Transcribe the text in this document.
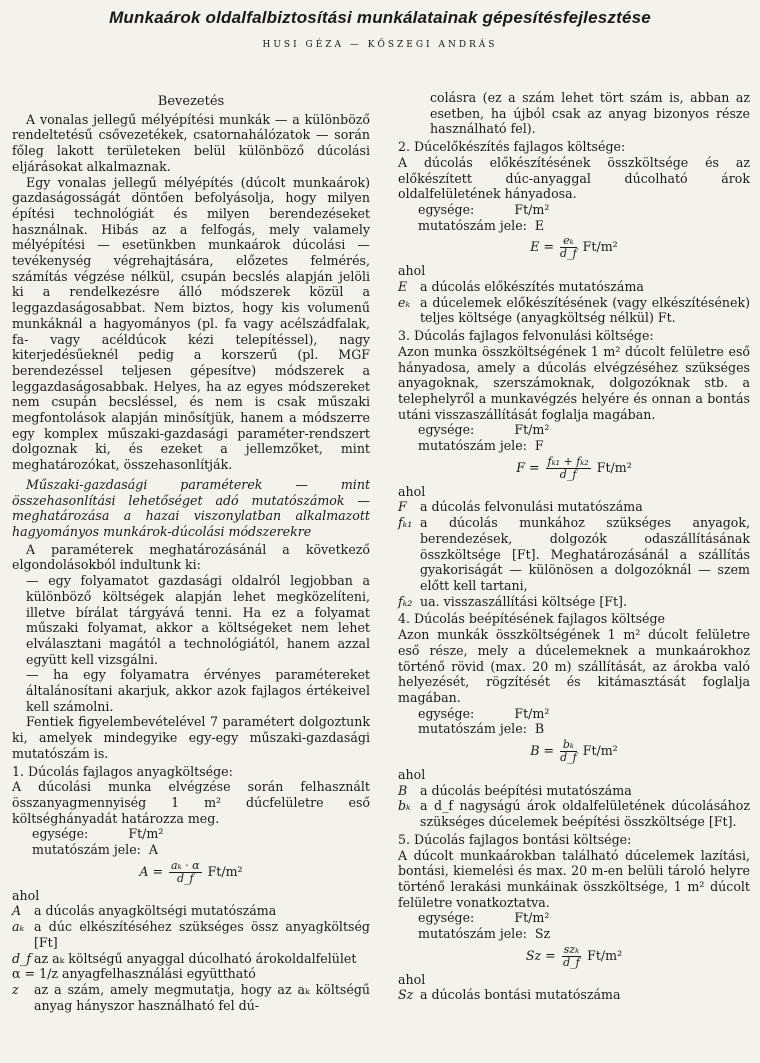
Munkaárok oldalfalbiztosítási munkálatainak gépesítésfejlesztése
HUSI GÉZA — KŐSZEGI ANDRÁS
Bevezetés

A vonalas jellegű mélyépítési munkák — a különböző rendeltetésű csővezetékek, csatornahálózatok — során főleg lakott területeken belül különböző dúcolási eljárásokat alkalmaznak.

Egy vonalas jellegű mélyépítés (dúcolt munkaárok) gazdaságosságát döntően befolyásolja, hogy milyen építési technológiát és milyen berendezéseket használnak. Hibás az a felfogás, mely valamely mélyépítési — esetünkben munkaárok dúcolási — tevékenység végrehajtására, előzetes felmérés, számítás végzése nélkül, csupán becslés alapján jelöli ki a rendelkezésre álló módszerek közül a leggazdaságosabbat. Nem biztos, hogy kis volumenű munkáknál a hagyományos (pl. fa vagy acélszádfalak, fa- vagy acéldúcok kézi telepítéssel), nagy kiterjedésűeknél pedig a korszerű (pl. MGF berendezéssel teljesen gépesítve) módszerek a leggazdaságosabbak. Helyes, ha az egyes módszereket nem csupán becsléssel, és nem is csak műszaki megfontolások alapján minősítjük, hanem a módszerre egy komplex műszaki-gazdasági paraméter-rendszert dolgoznak ki, és ezeket a jellemzőket, mint meghatározókat, összehasonlítják.

Műszaki-gazdasági paraméterek — mint összehasonlítási lehetőséget adó mutatószámok — meghatározása a hazai viszonylatban alkalmazott hagyományos munkárok-dúcolási módszerekre

A paraméterek meghatározásánál a következő elgondolásokból indultunk ki:

— egy folyamatot gazdasági oldalról legjobban a különböző költségek alapján lehet megközelíteni, illetve bírálat tárgyává tenni. Ha ez a folyamat műszaki folyamat, akkor a költségeket nem lehet elválasztani magától a technológiától, hanem azzal együtt kell vizsgálni.

— ha egy folyamatra érvényes paramétereket általánosítani akarjuk, akkor azok fajlagos értékeivel kell számolni.

Fentiek figyelembevételével 7 paramétert dolgoztunk ki, amelyek mindegyike egy-egy műszaki-gazdasági mutatószám is.

1. Dúcolás fajlagos anyagköltsége:

A dúcolási munka elvégzése során felhasznált összanyagmennyiség 1 m² dúcfelületre eső költséghányadát határozza meg.

egysége:          Ft/m²
mutatószám jele:  A
$A = \frac{\text{aₖ · α}}{d\_f} Ft/m^2$
ahol
A	a dúcolás anyagköltségi mutatószáma
aₖ a dúc elkészítéséhez szükséges össz anyagköltség [Ft]
d_f az aₖ költségű anyaggal dúcolható árokoldalfelület
α = 1/z anyagfelhasználási együttható
z	az a szám, amely megmutatja, hogy az aₖ költségű anyag hányszor használható fel dú-

colásra (ez a szám lehet tört szám is, abban az esetben, ha újból csak az anyag bizonyos része használható fel).

2. Dúcelőkészítés fajlagos költsége:

A dúcolás előkészítésének összköltsége és az előkészített dúc-anyaggal dúcolható árok oldalfelületének hányadosa.

egysége:          Ft/m²
mutatószám jele:  E
$E = \frac{\text{eₖ}}{d\_f} Ft/m^2$
ahol
E	a dúcolás előkészítés mutatószáma
eₖ a dúcelemek előkészítésének (vagy elkészítésének) teljes költsége (anyagköltség nélkül) Ft.

3. Dúcolás fajlagos felvonulási költsége:

Azon munka összköltségének 1 m² dúcolt felületre eső hányadosa, amely a dúcolás elvégzéséhez szükséges anyagoknak, szerszámoknak, dolgozóknak stb. a telephelyről a munkavégzés helyére és onnan a bontás utáni visszaszállítását foglalja magában.

egysége:          Ft/m²
mutatószám jele:  F
$F = \frac{\text{fₖ₁ + fₖ₂}}{d\_f} Ft/m^2$
ahol
F	a dúcolás felvonulási mutatószáma
fₖ₁ a dúcolás munkához szükséges anyagok, berendezések, dolgozók odaszállításának összköltsége [Ft]. Meghatározásánál a szállítás gyakoriságát — különösen a dolgozóknál — szem előtt kell tartani,
fₖ₂ ua. visszaszállítási költsége [Ft].

4. Dúcolás beépítésének fajlagos költsége

Azon munkák összköltségének 1 m² dúcolt felületre eső része, mely a dúcelemeknek a munkaárokhoz történő rövid (max. 20 m) szállítását, az árokba való helyezését, rögzítését és kitámasztását foglalja magában.

egysége:          Ft/m²
mutatószám jele:  B
$B = \frac{\text{bₖ}}{d\_f} Ft/m^2$
ahol
B	a dúcolás beépítési mutatószáma
bₖ a d_f nagyságú árok oldalfelületének dúcolásához szükséges dúcelemek beépítési összköltsége [Ft].

5. Dúcolás fajlagos bontási költsége:

A dúcolt munkaárokban található dúcelemek lazítási, bontási, kiemelési és max. 20 m-en belüli tároló helyre történő lerakási munkáinak összköltsége, 1 m² dúcolt felületre vonatkoztatva.

egysége:          Ft/m²
mutatószám jele:  Sz
$Sz = \frac{\text{szₖ}}{d\_f} Ft/m^2$
ahol
Sz a dúcolás bontási mutatószáma
